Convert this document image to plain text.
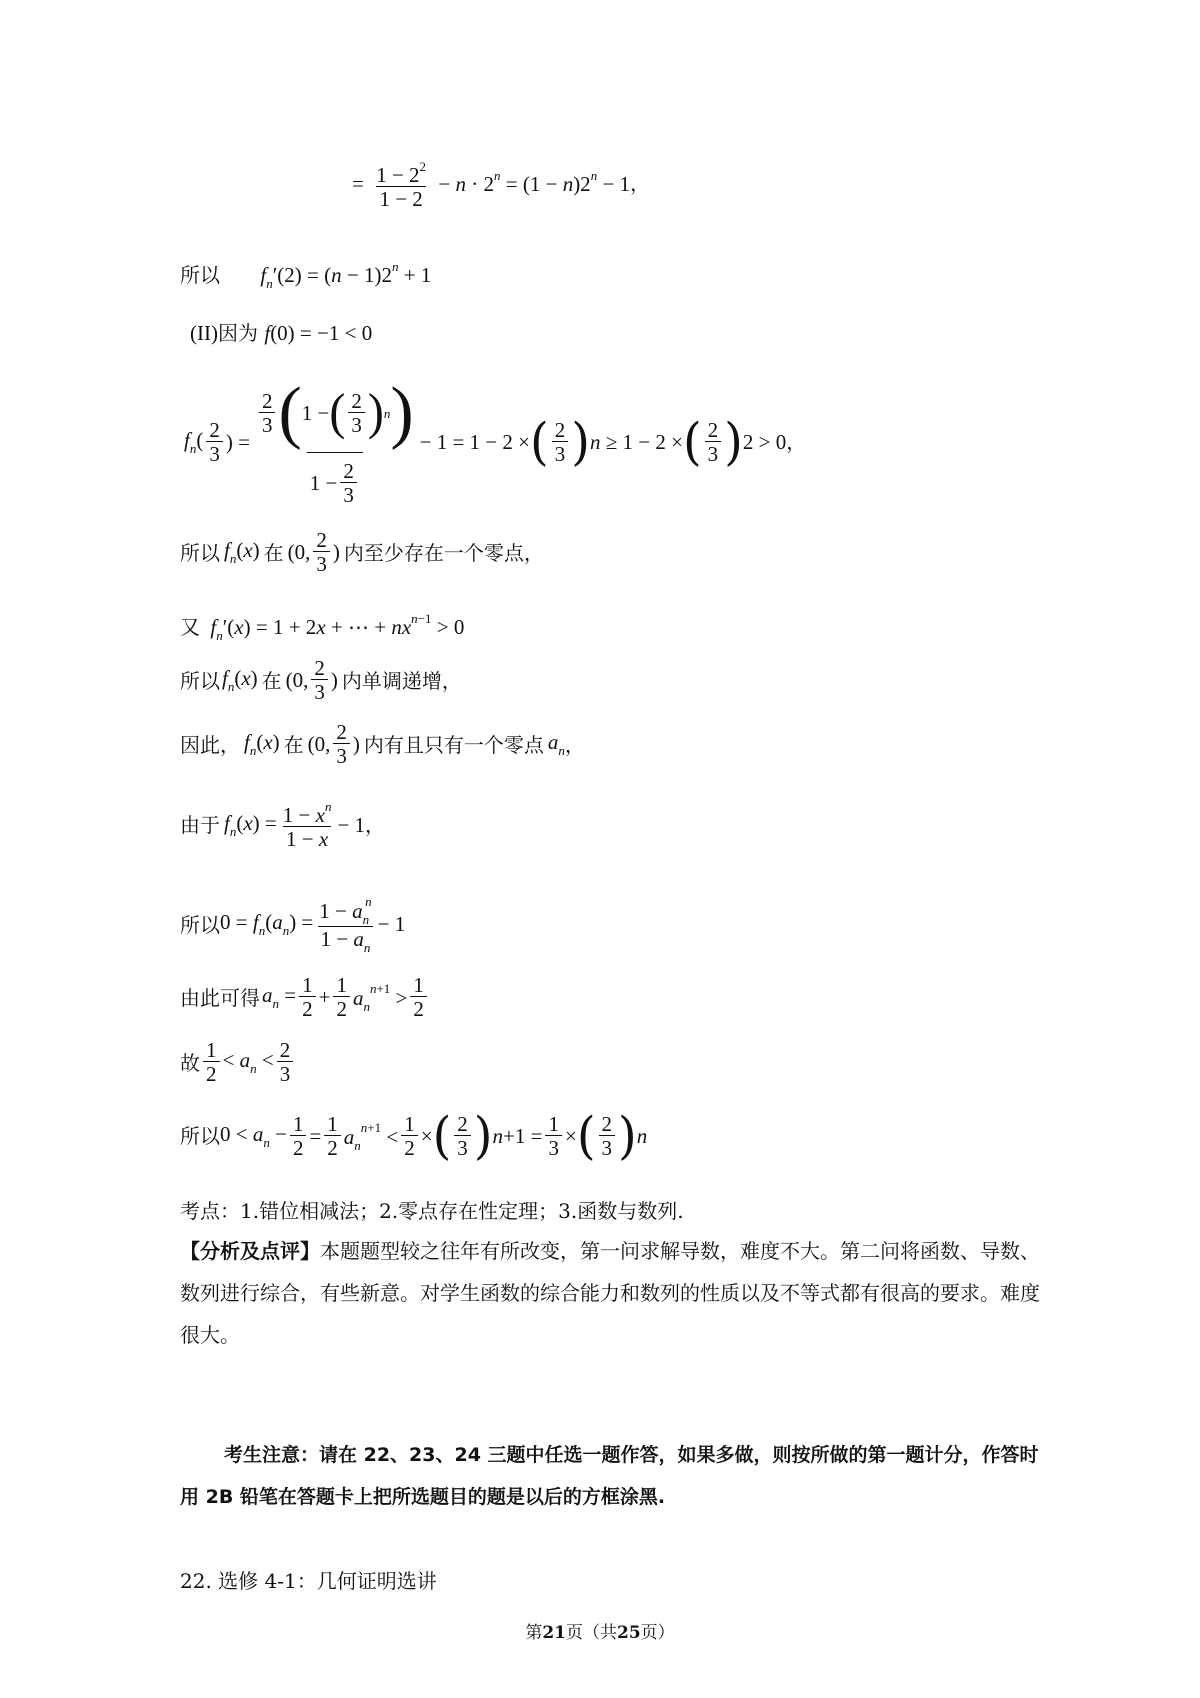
= $\frac{1 - 2^2}{1 - 2} - n \cdot 2^n = (1 - n)2^n - 1$，
所以 $f_n'(2) = (n - 1)2^n + 1$
(II)因为 f(0) = −1 < 0
$f_n( \frac{2}{3}$ ) = $\frac{\frac{2}{3} ( 1 - ( \frac{2}{3} ) n )}{1 - \frac{2}{3}} - 1 = 1 - 2$ × ( $\frac{2}{3}$ ) n ≥ 1 − 2 × ( $\frac{2}{3}$ ) 2 > 0 ，
所以 $f_n(x)$ 在 (0, $\frac{2}{3}$ ) 内至少存在一个零点，
又 $f_n'(x) = 1 + 2x$ + ⋯ + $nx^{n-1} > 0$
所以 $f_n(x)$ 在 (0, $\frac{2}{3}$ ) 内单调递增，
因此， $f_n(x)$ 在 (0, $\frac{2}{3}$ ) 内有且只有一个零点 $a_n$ ，
由于 $f_n(x) = \frac{1 - x^n}{1 - x} - 1$ ，
所以 $0 = f_n(a_n) = \frac{1 - a_n^n}{1 - a_n} - 1$
由此可得 $a_n = \frac{1}{2} + \frac{1}{2} a_n^{n+1} > \frac{1}{2}$
故 $\frac{1}{2} < a_n < \frac{2}{3}$
所以 $0 < a_n - \frac{1}{2} = \frac{1}{2} a_n^{n+1} < \frac{1}{2}$ × ( $\frac{2}{3}$ ) $n+1 = \frac{1}{3}$ × ( $\frac{2}{3}$ ) n
考点：1.错位相减法；2.零点存在性定理；3.函数与数列.
【分析及点评】本题题型较之往年有所改变，第一问求解导数，难度不大。第二问将函数、导数、数列进行综合，有些新意。对学生函数的综合能力和数列的性质以及不等式都有很高的要求。难度很大。
考生注意：请在 22、23、24 三题中任选一题作答，如果多做，则按所做的第一题计分，作答时用 2B 铅笔在答题卡上把所选题目的题是以后的方框涂黑.
22. 选修 4-1：几何证明选讲
第21页（共25页）
